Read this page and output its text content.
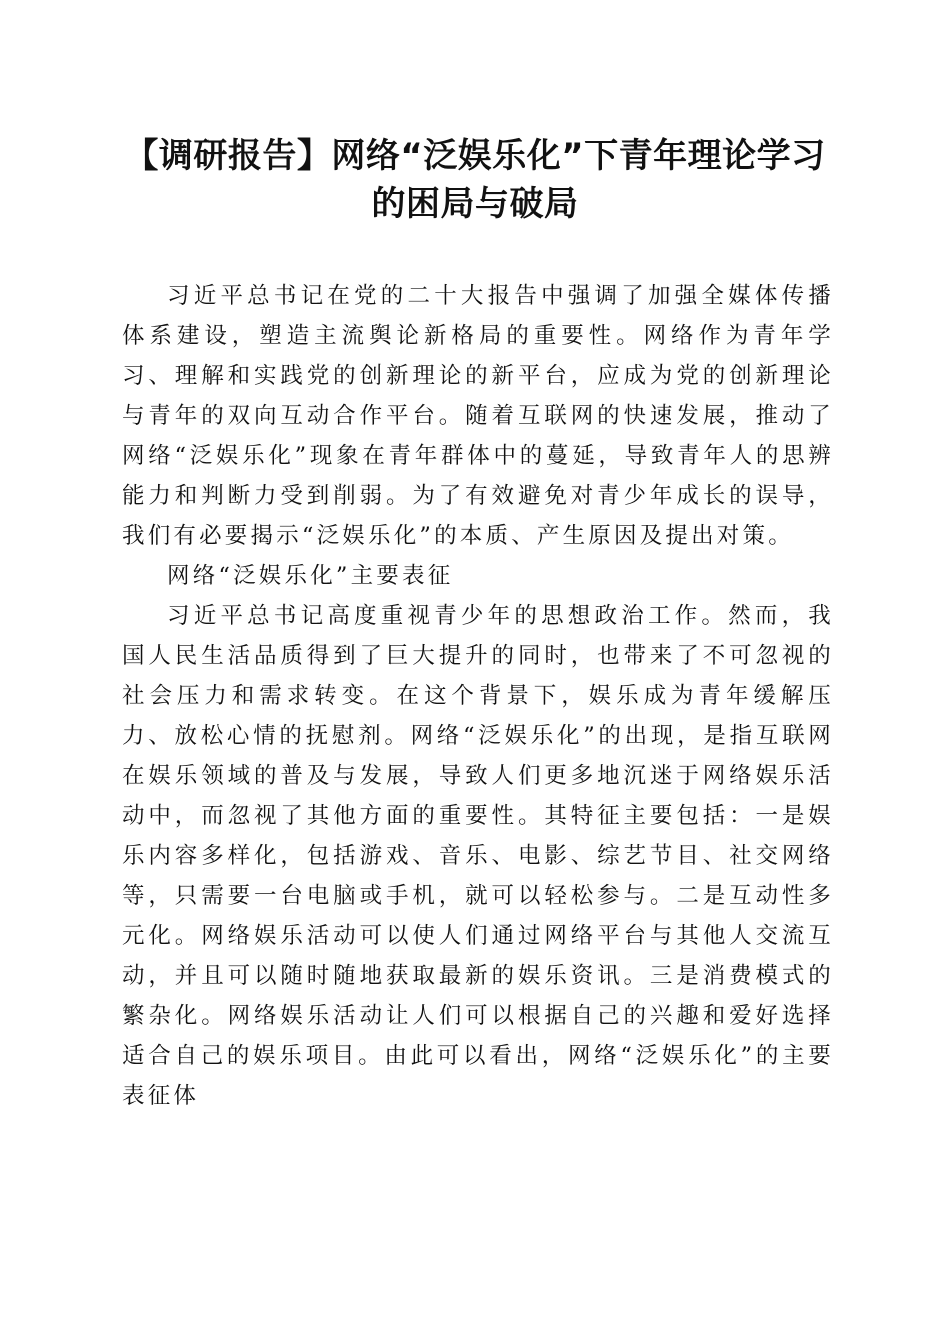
【调研报告】网络“泛娱乐化”下青年理论学习的困局与破局

习近平总书记在党的二十大报告中强调了加强全媒体传播体系建设，塑造主流舆论新格局的重要性。网络作为青年学习、理解和实践党的创新理论的新平台，应成为党的创新理论与青年的双向互动合作平台。随着互联网的快速发展，推动了网络“泛娱乐化”现象在青年群体中的蔓延，导致青年人的思辨能力和判断力受到削弱。为了有效避免对青少年成长的误导，我们有必要揭示“泛娱乐化”的本质、产生原因及提出对策。

网络“泛娱乐化”主要表征

习近平总书记高度重视青少年的思想政治工作。然而，我国人民生活品质得到了巨大提升的同时，也带来了不可忽视的社会压力和需求转变。在这个背景下，娱乐成为青年缓解压力、放松心情的抚慰剂。网络“泛娱乐化”的出现，是指互联网在娱乐领域的普及与发展，导致人们更多地沉迷于网络娱乐活动中，而忽视了其他方面的重要性。其特征主要包括：一是娱乐内容多样化，包括游戏、音乐、电影、综艺节目、社交网络等，只需要一台电脑或手机，就可以轻松参与。二是互动性多元化。网络娱乐活动可以使人们通过网络平台与其他人交流互动，并且可以随时随地获取最新的娱乐资讯。三是消费模式的繁杂化。网络娱乐活动让人们可以根据自己的兴趣和爱好选择适合自己的娱乐项目。由此可以看出，网络“泛娱乐化”的主要表征体
